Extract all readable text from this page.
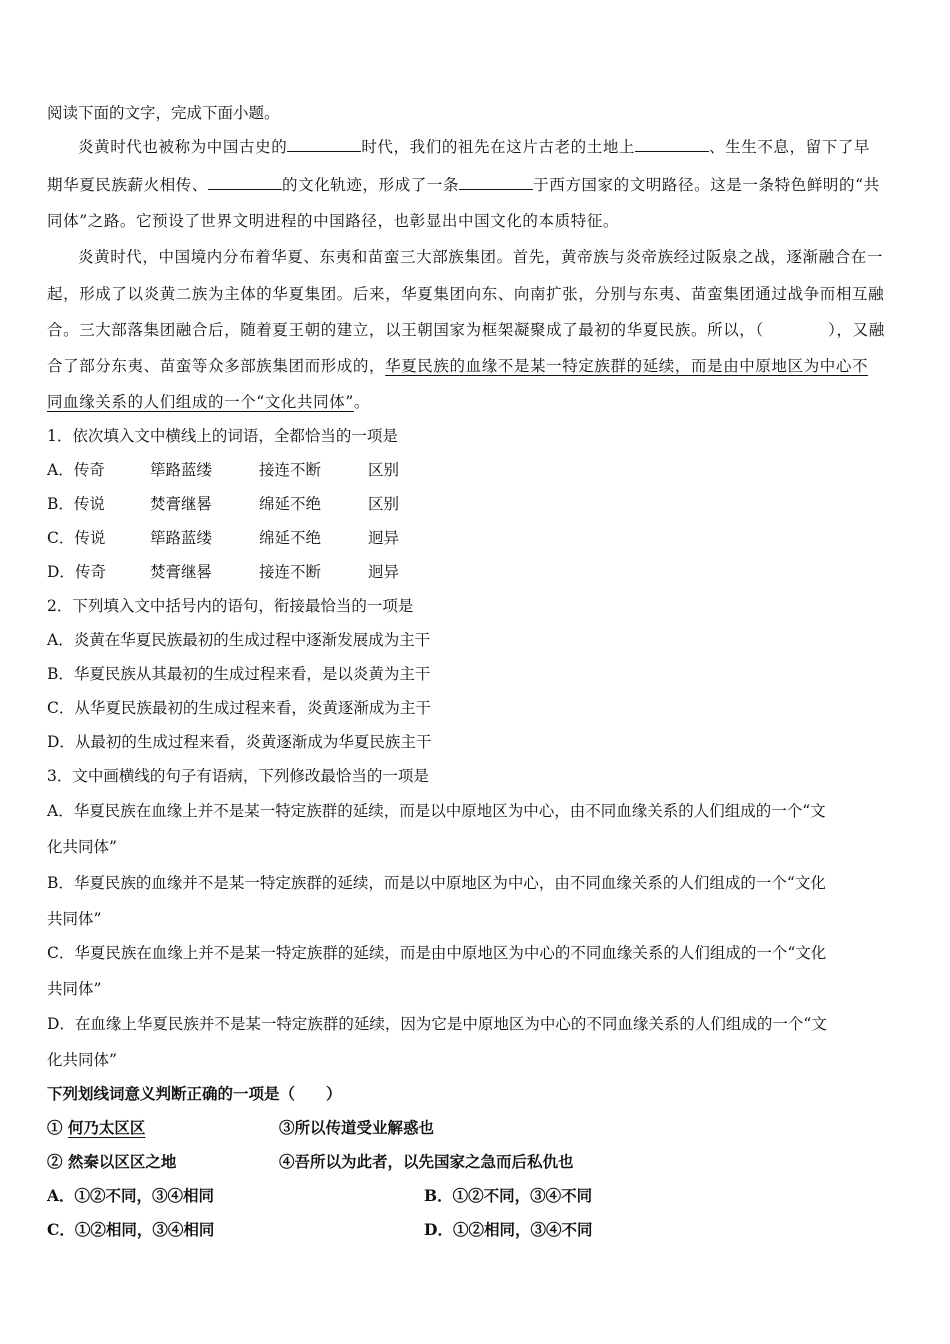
阅读下面的文字，完成下面小题。
炎黄时代也被称为中国古史的	时代，我们的祖先在这片古老的土地上	、生生不息，留下了早
期华夏民族薪火相传、	的文化轨迹，形成了一条	于西方国家的文明路径。这是一条特色鲜明的“共
同体”之路。它预设了世界文明进程的中国路径，也彰显出中国文化的本质特征。
炎黄时代，中国境内分布着华夏、东夷和苗蛮三大部族集团。首先，黄帝族与炎帝族经过阪泉之战，逐渐融合在一
起，形成了以炎黄二族为主体的华夏集团。后来，华夏集团向东、向南扩张，分别与东夷、苗蛮集团通过战争而相互融
合。三大部落集团融合后，随着夏王朝的建立，以王朝国家为框架凝聚成了最初的华夏民族。所以，（　　　　），又融
合了部分东夷、苗蛮等众多部族集团而形成的，华夏民族的血缘不是某一特定族群的延续，而是由中原地区为中心不
同血缘关系的人们组成的一个“文化共同体”。
1．依次填入文中横线上的词语，全都恰当的一项是
A．传奇	筚路蓝缕	接连不断	区别
B．传说	焚膏继晷	绵延不绝	区别
C．传说	筚路蓝缕	绵延不绝	迥异
D．传奇	焚膏继晷	接连不断	迥异
2．下列填入文中括号内的语句，衔接最恰当的一项是
A．炎黄在华夏民族最初的生成过程中逐渐发展成为主干
B．华夏民族从其最初的生成过程来看，是以炎黄为主干
C．从华夏民族最初的生成过程来看，炎黄逐渐成为主干
D．从最初的生成过程来看，炎黄逐渐成为华夏民族主干
3．文中画横线的句子有语病，下列修改最恰当的一项是
A．华夏民族在血缘上并不是某一特定族群的延续，而是以中原地区为中心，由不同血缘关系的人们组成的一个“文
化共同体”
B．华夏民族的血缘并不是某一特定族群的延续，而是以中原地区为中心，由不同血缘关系的人们组成的一个“文化
共同体”
C．华夏民族在血缘上并不是某一特定族群的延续，而是由中原地区为中心的不同血缘关系的人们组成的一个“文化
共同体”
D．在血缘上华夏民族并不是某一特定族群的延续，因为它是中原地区为中心的不同血缘关系的人们组成的一个“文
化共同体”
下列划线词意义判断正确的一项是（　　）
① 何乃太区区	③所以传道受业解惑也
② 然秦以区区之地	④吾所以为此者，以先国家之急而后私仇也
A．①②不同，③④相同	B．①②不同，③④不同
C．①②相同，③④相同	D．①②相同，③④不同
